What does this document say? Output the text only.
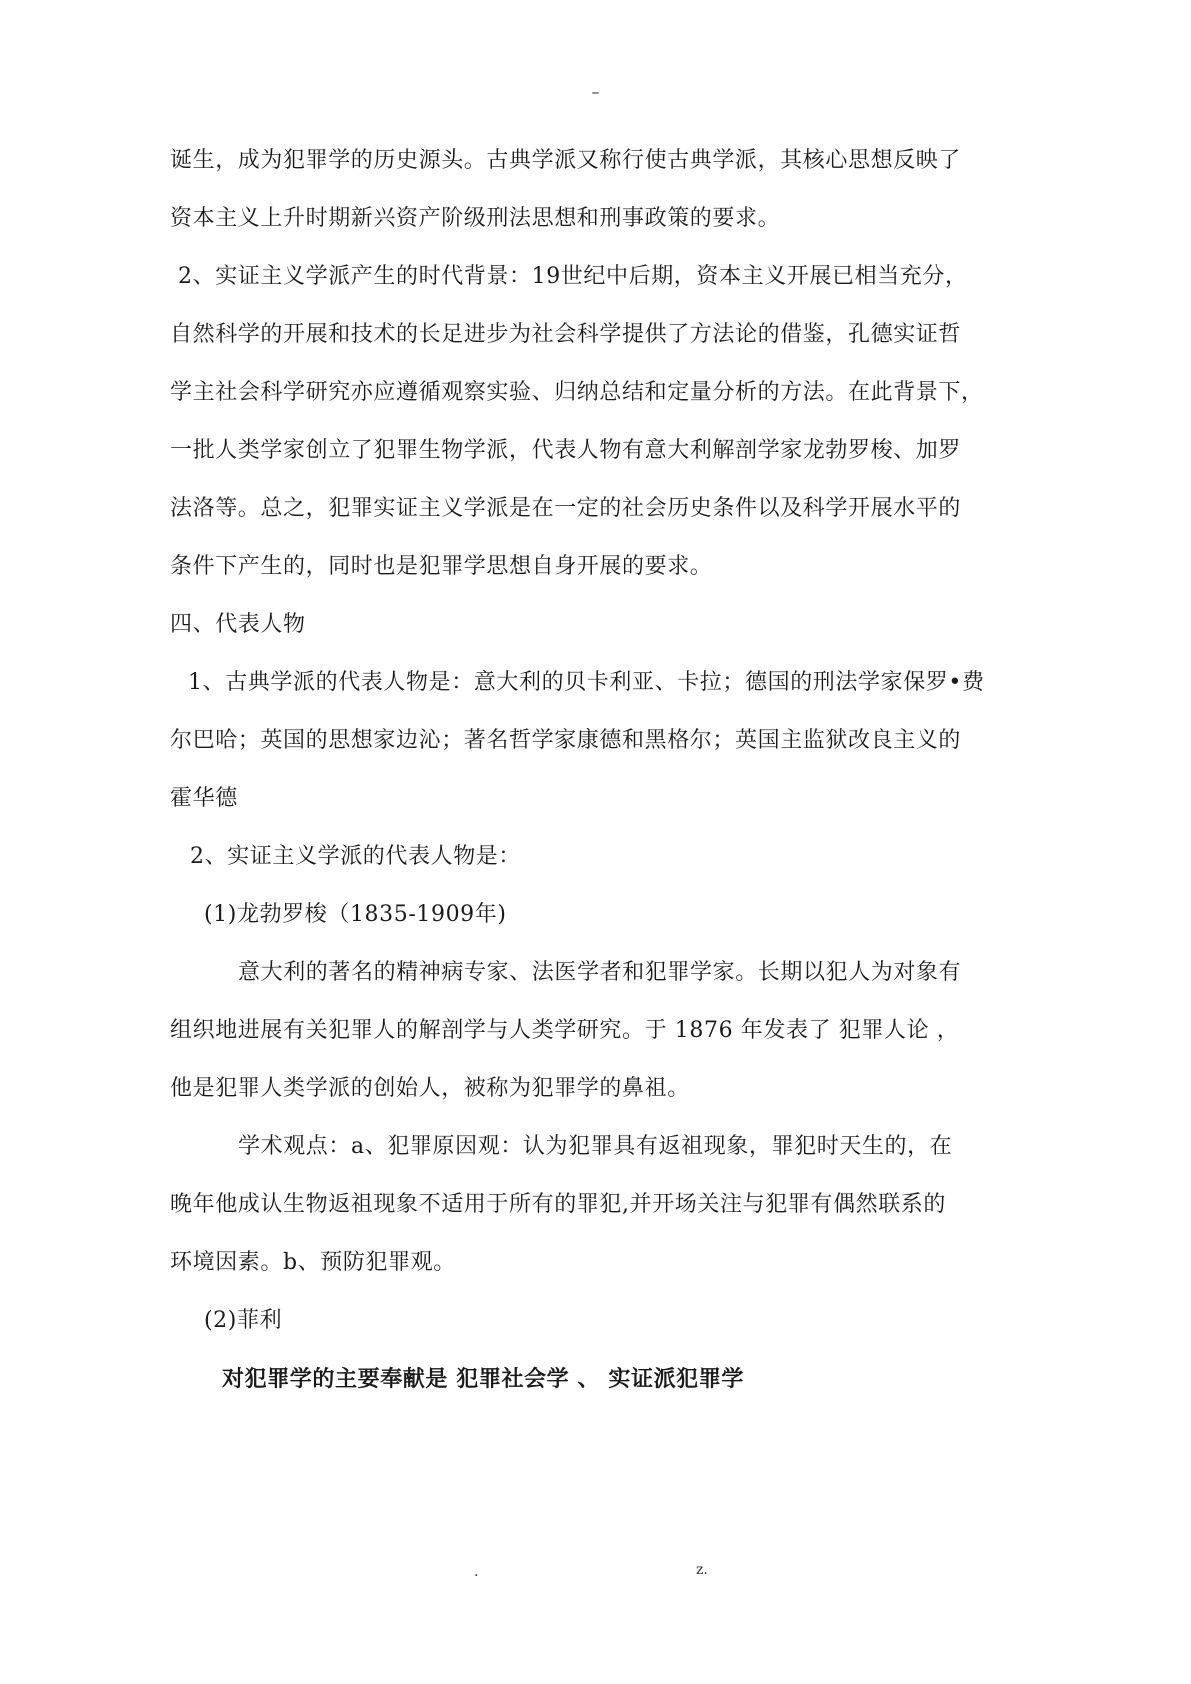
–
诞生，成为犯罪学的历史源头。古典学派又称行使古典学派，其核心思想反映了
资本主义上升时期新兴资产阶级刑法思想和刑事政策的要求。
2、实证主义学派产生的时代背景：19世纪中后期，资本主义开展已相当充分，
自然科学的开展和技术的长足进步为社会科学提供了方法论的借鉴，孔德实证哲
学主社会科学研究亦应遵循观察实验、归纳总结和定量分析的方法。在此背景下，
一批人类学家创立了犯罪生物学派，代表人物有意大利解剖学家龙勃罗梭、加罗
法洛等。总之，犯罪实证主义学派是在一定的社会历史条件以及科学开展水平的
条件下产生的，同时也是犯罪学思想自身开展的要求。
四、代表人物
1、古典学派的代表人物是：意大利的贝卡利亚、卡拉；德国的刑法学家保罗•费
尔巴哈；英国的思想家边沁；著名哲学家康德和黑格尔；英国主监狱改良主义的
霍华德
2、实证主义学派的代表人物是：
(1)龙勃罗梭（1835-1909年)
意大利的著名的精神病专家、法医学者和犯罪学家。长期以犯人为对象有
组织地进展有关犯罪人的解剖学与人类学研究。于 1876 年发表了 犯罪人论 ，
他是犯罪人类学派的创始人，被称为犯罪学的鼻祖。
学术观点：a、犯罪原因观：认为犯罪具有返祖现象，罪犯时天生的，在
晚年他成认生物返祖现象不适用于所有的罪犯,并开场关注与犯罪有偶然联系的
环境因素。b、预防犯罪观。
(2)菲利
对犯罪学的主要奉献是 犯罪社会学 、 实证派犯罪学
.	z.
